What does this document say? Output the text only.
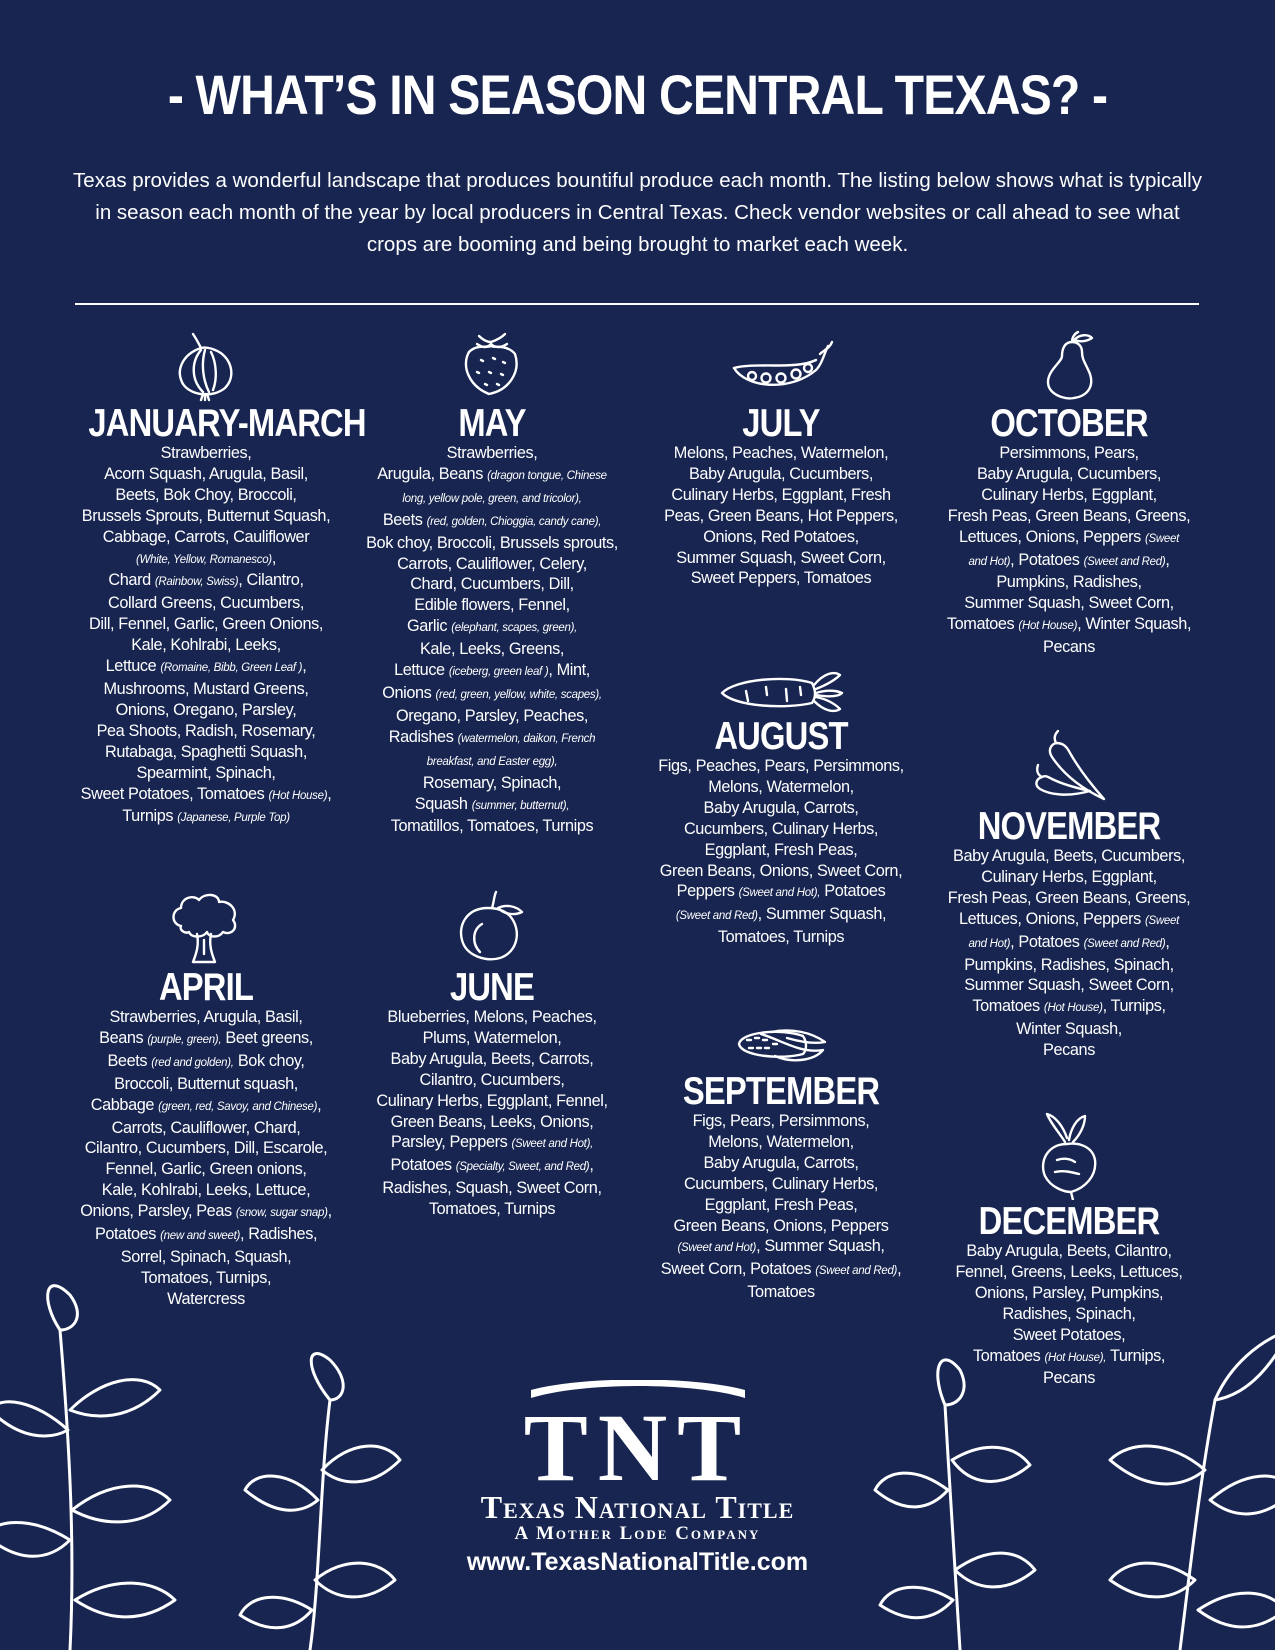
- WHAT’S IN SEASON CENTRAL TEXAS? -
Texas provides a wonderful landscape that produces bountiful produce each month. The listing below shows what is typically in season each month of the year by local producers in Central Texas. Check vendor websites or call ahead to see what crops are booming and being brought to market each week.
JANUARY-MARCH
Strawberries,
Acorn Squash, Arugula, Basil,
Beets, Bok Choy, Broccoli,
Brussels Sprouts, Butternut Squash,
Cabbage, Carrots, Cauliflower
(White, Yellow, Romanesco),
Chard (Rainbow, Swiss), Cilantro,
Collard Greens, Cucumbers,
Dill, Fennel, Garlic, Green Onions,
Kale, Kohlrabi, Leeks,
Lettuce (Romaine, Bibb, Green Leaf ),
Mushrooms, Mustard Greens,
Onions, Oregano, Parsley,
Pea Shoots, Radish, Rosemary,
Rutabaga, Spaghetti Squash,
Spearmint, Spinach,
Sweet Potatoes, Tomatoes (Hot House),
Turnips (Japanese, Purple Top)
MAY
Strawberries,
Arugula, Beans (dragon tongue, Chinese
long, yellow pole, green, and tricolor),
Beets (red, golden, Chioggia, candy cane),
Bok choy, Broccoli, Brussels sprouts,
Carrots, Cauliflower, Celery,
Chard, Cucumbers, Dill,
Edible flowers, Fennel,
Garlic (elephant, scapes, green),
Kale, Leeks, Greens,
Lettuce (iceberg, green leaf ), Mint,
Onions (red, green, yellow, white, scapes),
Oregano, Parsley, Peaches,
Radishes (watermelon, daikon, French
breakfast, and Easter egg),
Rosemary, Spinach,
Squash (summer, butternut),
Tomatillos, Tomatoes, Turnips
JULY
Melons, Peaches, Watermelon,
Baby Arugula, Cucumbers,
Culinary Herbs, Eggplant, Fresh
Peas, Green Beans, Hot Peppers,
Onions, Red Potatoes,
Summer Squash, Sweet Corn,
Sweet Peppers, Tomatoes
OCTOBER
Persimmons, Pears,
Baby Arugula, Cucumbers,
Culinary Herbs, Eggplant,
Fresh Peas, Green Beans, Greens,
Lettuces, Onions, Peppers (Sweet
and Hot), Potatoes (Sweet and Red),
Pumpkins, Radishes,
Summer Squash, Sweet Corn,
Tomatoes (Hot House), Winter Squash,
Pecans
AUGUST
Figs, Peaches, Pears, Persimmons,
Melons, Watermelon,
Baby Arugula, Carrots,
Cucumbers, Culinary Herbs,
Eggplant, Fresh Peas,
Green Beans, Onions, Sweet Corn,
Peppers (Sweet and Hot), Potatoes
(Sweet and Red), Summer Squash,
Tomatoes, Turnips
NOVEMBER
Baby Arugula, Beets, Cucumbers,
Culinary Herbs, Eggplant,
Fresh Peas, Green Beans, Greens,
Lettuces, Onions, Peppers (Sweet
and Hot), Potatoes (Sweet and Red),
Pumpkins, Radishes, Spinach,
Summer Squash, Sweet Corn,
Tomatoes (Hot House), Turnips,
Winter Squash,
Pecans
APRIL
Strawberries, Arugula, Basil,
Beans (purple, green), Beet greens,
Beets (red and golden), Bok choy,
Broccoli, Butternut squash,
Cabbage (green, red, Savoy, and Chinese),
Carrots, Cauliflower, Chard,
Cilantro, Cucumbers, Dill, Escarole,
Fennel, Garlic, Green onions,
Kale, Kohlrabi, Leeks, Lettuce,
Onions, Parsley, Peas (snow, sugar snap),
Potatoes (new and sweet), Radishes,
Sorrel, Spinach, Squash,
Tomatoes, Turnips,
Watercress
JUNE
Blueberries, Melons, Peaches,
Plums, Watermelon,
Baby Arugula, Beets, Carrots,
Cilantro, Cucumbers,
Culinary Herbs, Eggplant, Fennel,
Green Beans, Leeks, Onions,
Parsley, Peppers (Sweet and Hot),
Potatoes (Specialty, Sweet, and Red),
Radishes, Squash, Sweet Corn,
Tomatoes, Turnips
SEPTEMBER
Figs, Pears, Persimmons,
Melons, Watermelon,
Baby Arugula, Carrots,
Cucumbers, Culinary Herbs,
Eggplant, Fresh Peas,
Green Beans, Onions, Peppers
(Sweet and Hot), Summer Squash,
Sweet Corn, Potatoes (Sweet and Red),
Tomatoes
DECEMBER
Baby Arugula, Beets, Cilantro,
Fennel, Greens, Leeks, Lettuces,
Onions, Parsley, Pumpkins,
Radishes, Spinach,
Sweet Potatoes,
Tomatoes (Hot House), Turnips,
Pecans
TNT
Texas National Title
A Mother Lode Company
www.TexasNationalTitle.com
